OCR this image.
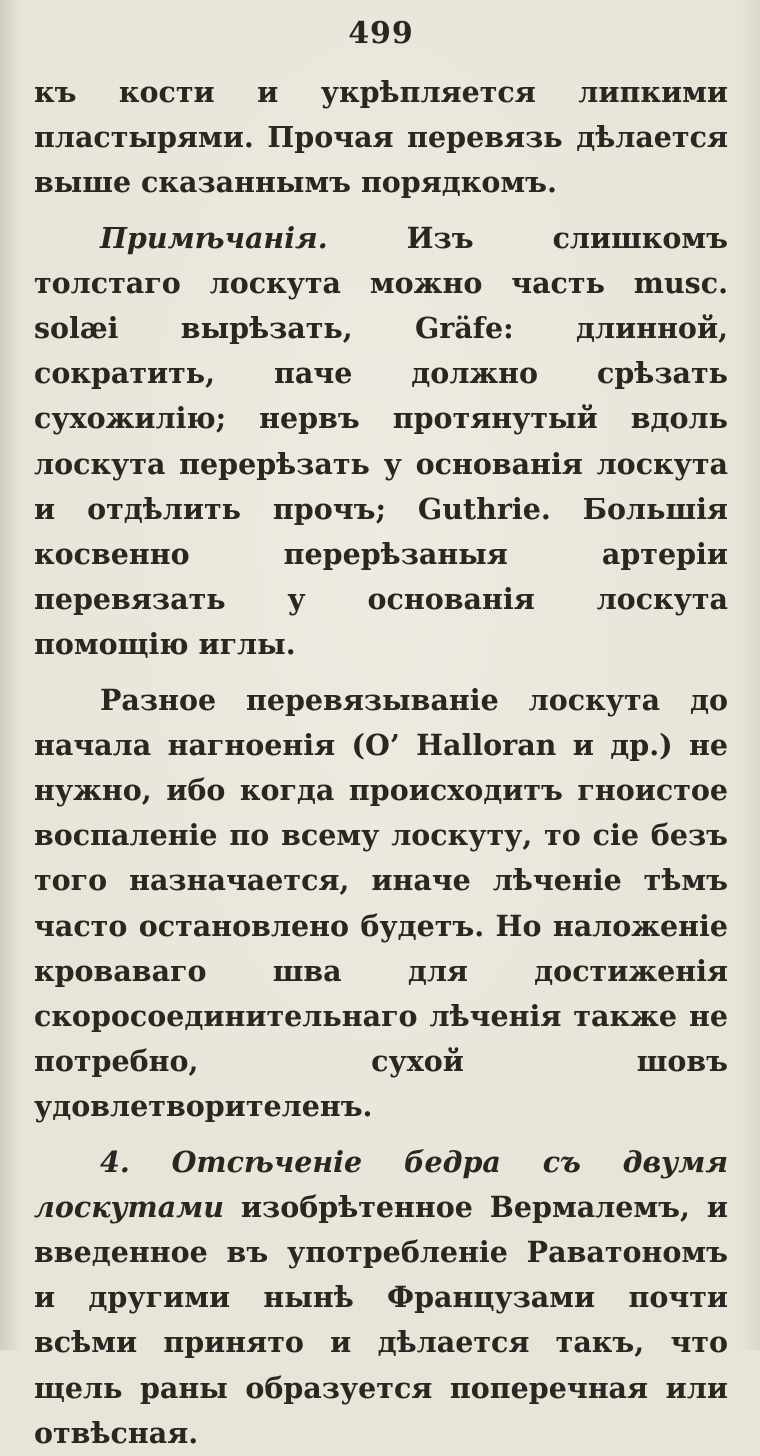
499

къ кости и укрѣпляется липкими пластырями. Прочая перевязь дѣлается выше сказаннымъ порядкомъ.

Примѣчанія. Изъ слишкомъ толстаго лоскута можно часть musc. solæi вырѣзать, Gräfe: длинной, сократить, паче должно срѣзать сухожилiю; нервъ протянутый вдоль лоскута перерѣзать у основанія лоскута и отдѣлить прочъ; Guthrie. Большія косвенно перерѣзаныя артеріи перевязать у основанія лоскута помощію иглы.

Разное перевязываніе лоскута до начала нагноенія (O’ Halloran и др.) не нужно, ибо когда происходитъ гноистое воспаленіе по всему лоскуту, то сіе безъ того назначается, иначе лѣченіе тѣмъ часто остановлено будетъ. Но наложеніе кроваваго шва для достиженія скоросоединительнаго лѣченія также не потребно, сухой шовъ удовлетворителенъ.

4. Отсѣченіе бедра съ двумя лоскутами изобрѣтенное Вермалемъ, и введенное въ употребленіе Раватономъ и другими нынѣ Французами почти всѣми принято и дѣлается такъ, что щель раны образуется поперечная или отвѣсная.
